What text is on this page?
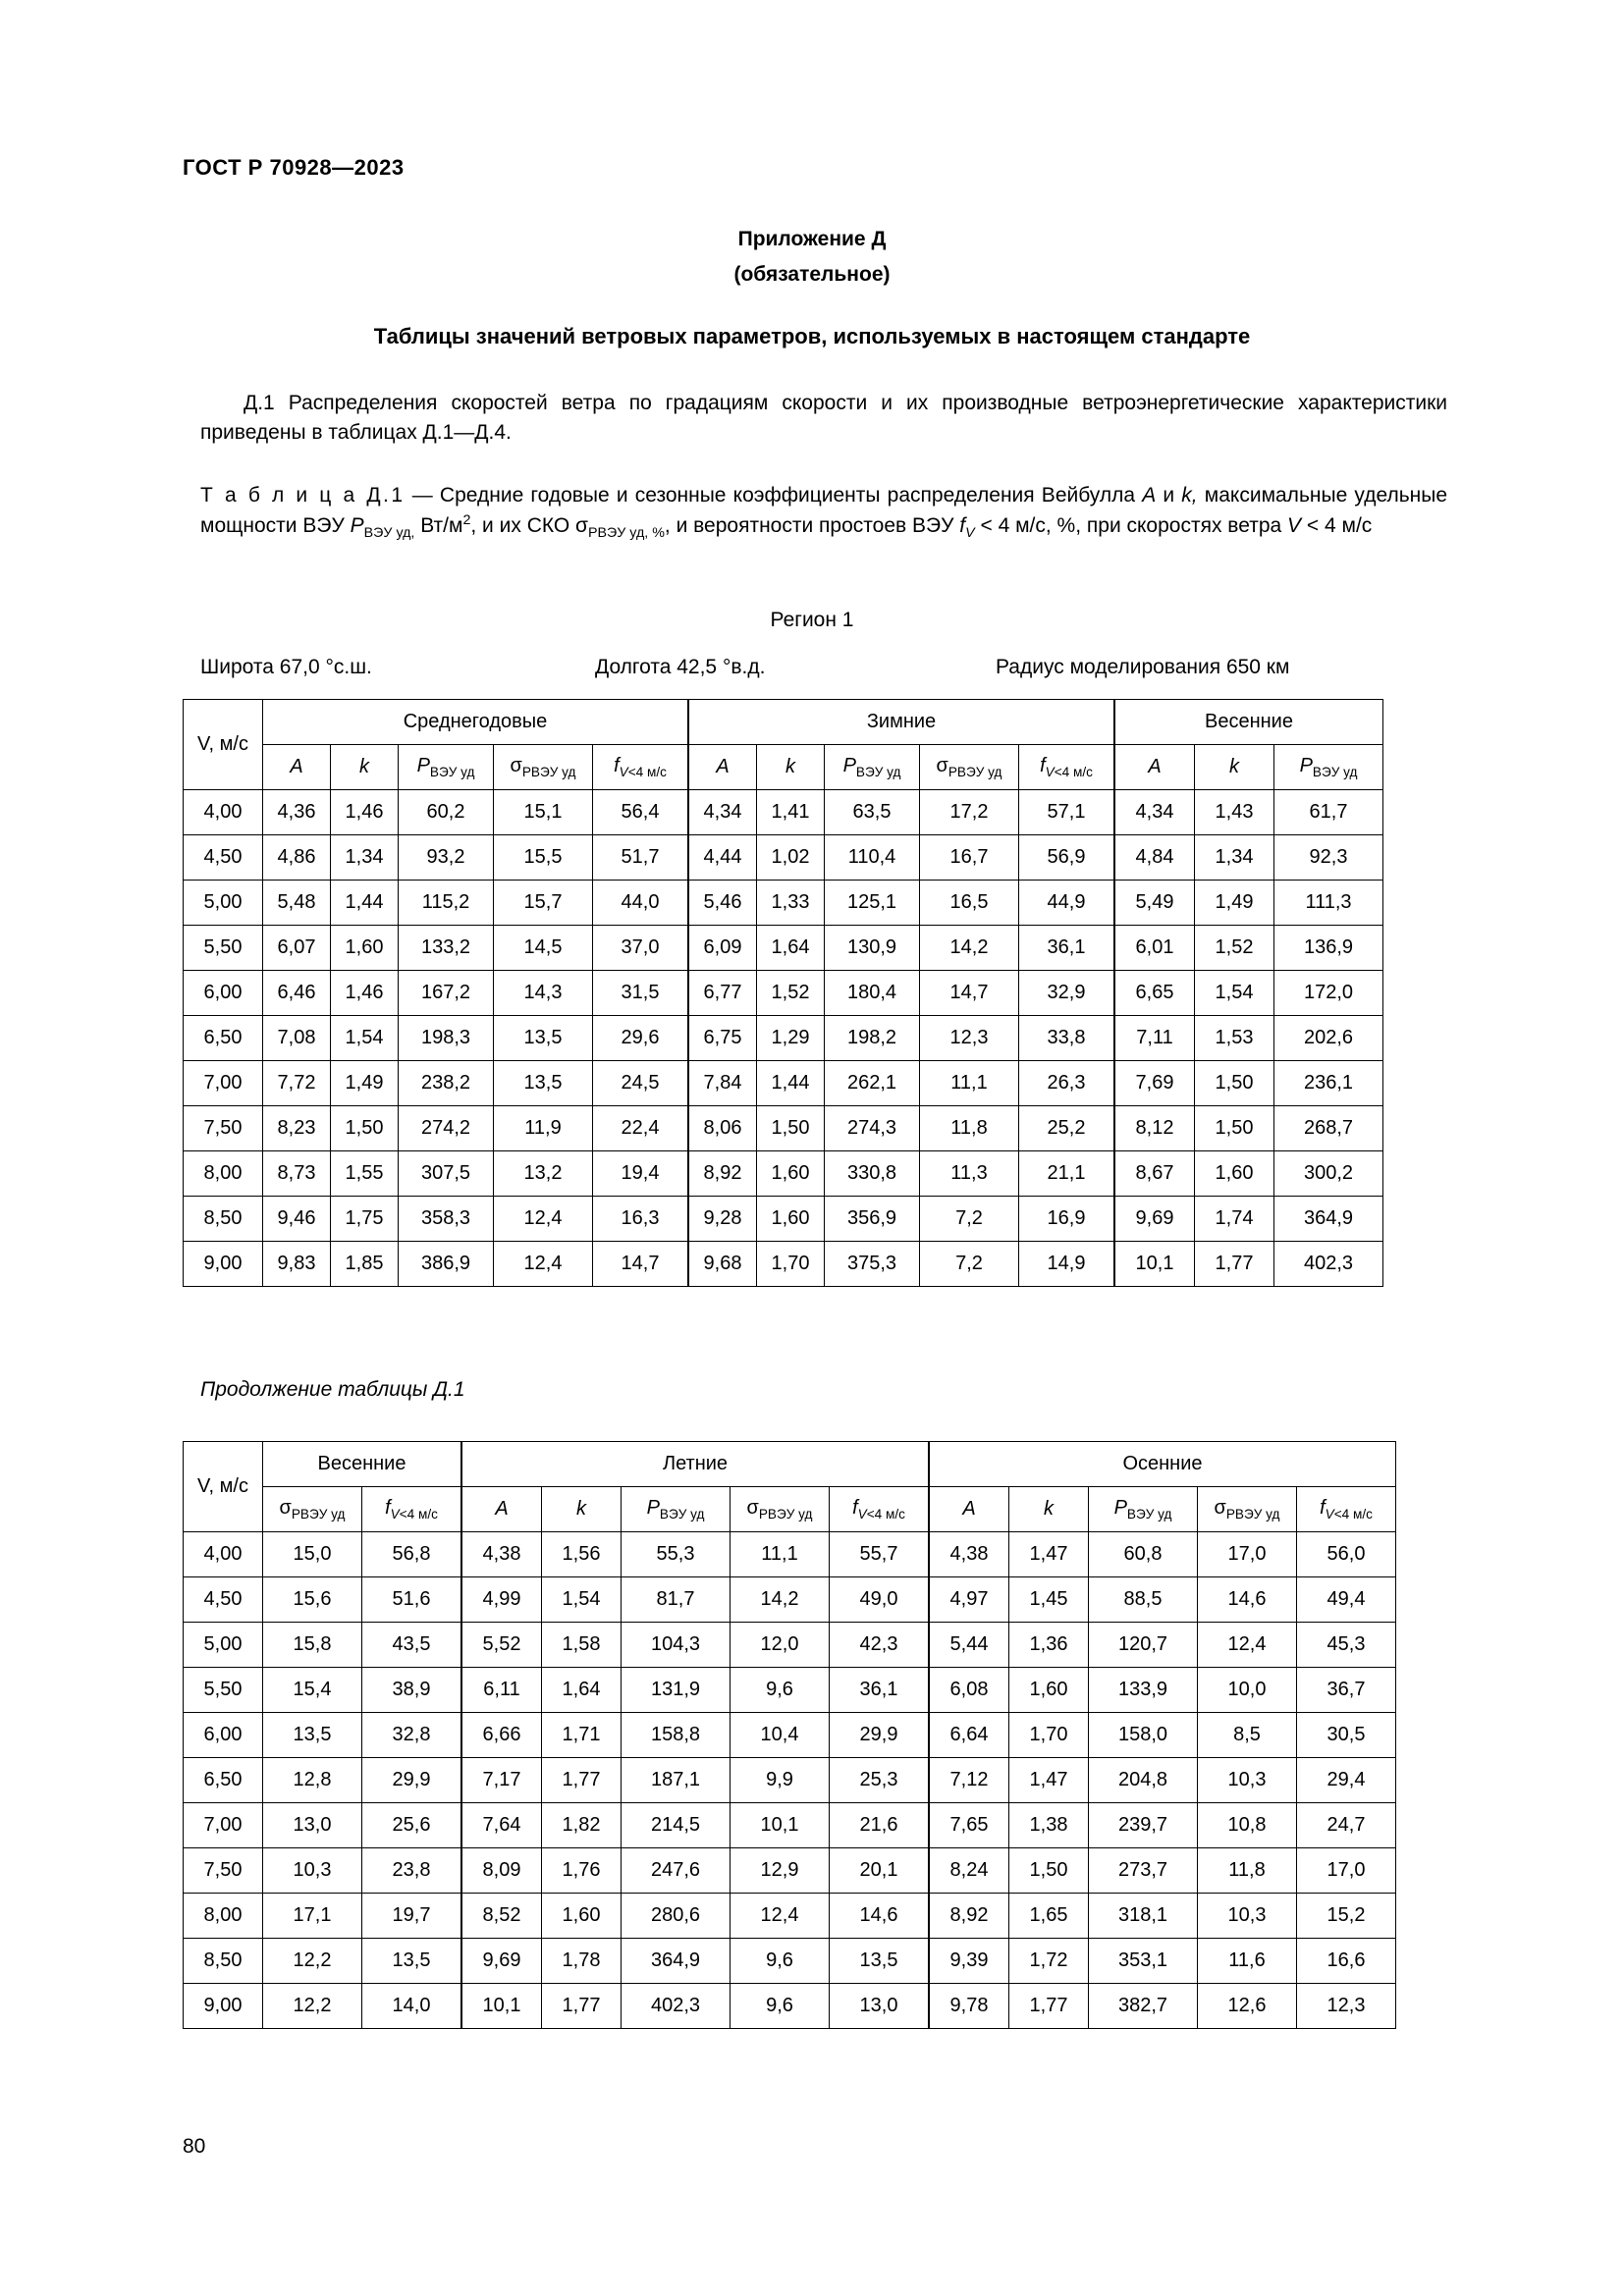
ГОСТ Р 70928—2023
Приложение Д
(обязательное)
Таблицы значений ветровых параметров, используемых в настоящем стандарте
Д.1 Распределения скоростей ветра по градациям скорости и их производные ветроэнергетические характеристики приведены в таблицах Д.1—Д.4.
Т а б л и ц а Д.1 — Средние годовые и сезонные коэффициенты распределения Вейбулла A и k, максимальные удельные мощности ВЭУ $P_{ВЭУ уд,}$ $Вт/м^2$, и их СКО $\sigma_{РВЭУ уд, \%}$, и вероятности простоев ВЭУ $f_V < 4$ м/с, %, при скоростях ветра V < 4 м/с
Регион 1
Широта 67,0 °с.ш.	Долгота 42,5 °в.д.	Радиус моделирования 650 км
V, м/с	Среднегодовые					Зимние					Весенние		
	A	k	$P_{ВЭУ уд}$	$\sigma_{РВЭУ уд}$	$f_{V<4 м/с}$	A	k	$P_{ВЭУ уд}$	$\sigma_{РВЭУ уд}$	$f_{V<4 м/с}$	A	k	$P_{ВЭУ уд}$
4,00	4,36	1,46	60,2	15,1	56,4	4,34	1,41	63,5	17,2	57,1	4,34	1,43	61,7
4,50	4,86	1,34	93,2	15,5	51,7	4,44	1,02	110,4	16,7	56,9	4,84	1,34	92,3
5,00	5,48	1,44	115,2	15,7	44,0	5,46	1,33	125,1	16,5	44,9	5,49	1,49	111,3
5,50	6,07	1,60	133,2	14,5	37,0	6,09	1,64	130,9	14,2	36,1	6,01	1,52	136,9
6,00	6,46	1,46	167,2	14,3	31,5	6,77	1,52	180,4	14,7	32,9	6,65	1,54	172,0
6,50	7,08	1,54	198,3	13,5	29,6	6,75	1,29	198,2	12,3	33,8	7,11	1,53	202,6
7,00	7,72	1,49	238,2	13,5	24,5	7,84	1,44	262,1	11,1	26,3	7,69	1,50	236,1
7,50	8,23	1,50	274,2	11,9	22,4	8,06	1,50	274,3	11,8	25,2	8,12	1,50	268,7
8,00	8,73	1,55	307,5	13,2	19,4	8,92	1,60	330,8	11,3	21,1	8,67	1,60	300,2
8,50	9,46	1,75	358,3	12,4	16,3	9,28	1,60	356,9	7,2	16,9	9,69	1,74	364,9
9,00	9,83	1,85	386,9	12,4	14,7	9,68	1,70	375,3	7,2	14,9	10,1	1,77	402,3
Продолжение таблицы Д.1
V, м/с	Весенние		Летние					Осенние				
	$\sigma_{РВЭУ уд}$	$f_{V<4 м/с}$	A	k	$P_{ВЭУ уд}$	$\sigma_{РВЭУ уд}$	$f_{V<4 м/с}$	A	k	$P_{ВЭУ уд}$	$\sigma_{РВЭУ уд}$	$f_{V<4 м/с}$
4,00	15,0	56,8	4,38	1,56	55,3	11,1	55,7	4,38	1,47	60,8	17,0	56,0
4,50	15,6	51,6	4,99	1,54	81,7	14,2	49,0	4,97	1,45	88,5	14,6	49,4
5,00	15,8	43,5	5,52	1,58	104,3	12,0	42,3	5,44	1,36	120,7	12,4	45,3
5,50	15,4	38,9	6,11	1,64	131,9	9,6	36,1	6,08	1,60	133,9	10,0	36,7
6,00	13,5	32,8	6,66	1,71	158,8	10,4	29,9	6,64	1,70	158,0	8,5	30,5
6,50	12,8	29,9	7,17	1,77	187,1	9,9	25,3	7,12	1,47	204,8	10,3	29,4
7,00	13,0	25,6	7,64	1,82	214,5	10,1	21,6	7,65	1,38	239,7	10,8	24,7
7,50	10,3	23,8	8,09	1,76	247,6	12,9	20,1	8,24	1,50	273,7	11,8	17,0
8,00	17,1	19,7	8,52	1,60	280,6	12,4	14,6	8,92	1,65	318,1	10,3	15,2
8,50	12,2	13,5	9,69	1,78	364,9	9,6	13,5	9,39	1,72	353,1	11,6	16,6
9,00	12,2	14,0	10,1	1,77	402,3	9,6	13,0	9,78	1,77	382,7	12,6	12,3
80
